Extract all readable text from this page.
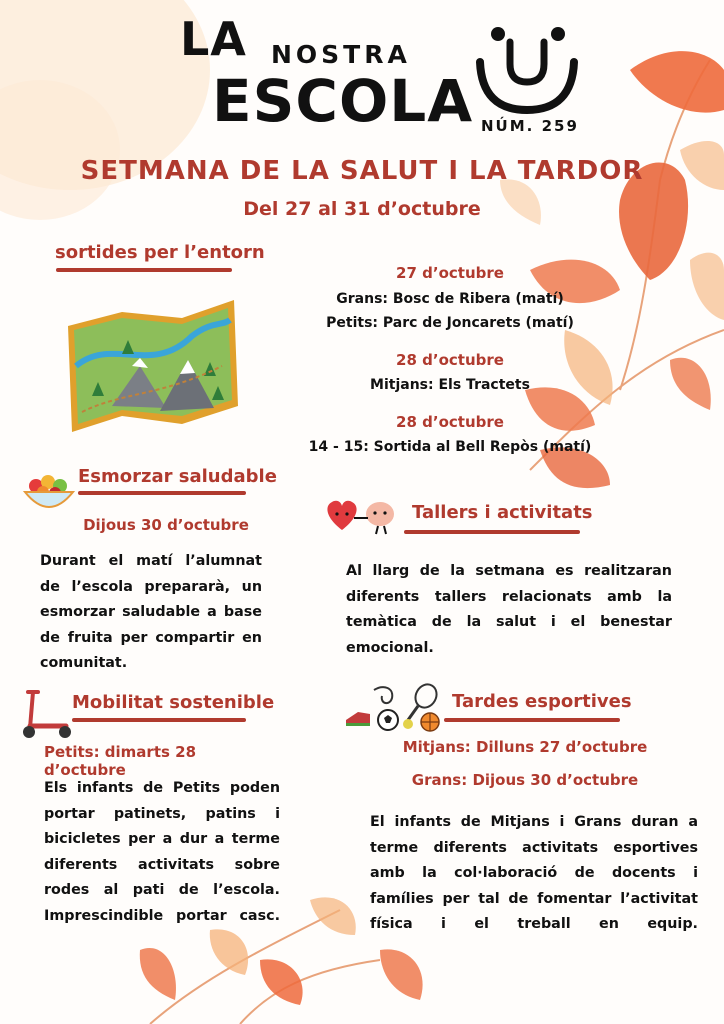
LA NOSTRA
ESCOLA NÚM. 259
SETMANA DE LA SALUT I LA TARDOR
Del 27 al 31 d’octubre
sortides per l’entorn
27 d’octubre
Grans: Bosc de Ribera (matí)
Petits: Parc de Joncarets (matí)
28 d’octubre
Mitjans: Els Tractets
28 d’octubre
14 - 15: Sortida al Bell Repòs (matí)
Esmorzar saludable
Dijous 30 d’octubre
Durant el matí l’alumnat de l’escola prepararà, un esmorzar saludable a base de fruita per compartir en comunitat.
Tallers i activitats
Al llarg de la setmana es realitzaran diferents tallers relacionats amb la temàtica de la salut i el benestar emocional.
Mobilitat sostenible
Petits: dimarts 28 d’octubre
Els infants de Petits poden portar patinets, patins i bicicletes per a dur a terme diferents activitats sobre rodes al pati de l’escola. Imprescindible portar casc.
Tardes esportives
Mitjans: Dilluns 27 d’octubre
Grans: Dijous 30 d’octubre
El infants de Mitjans i Grans duran a terme diferents activitats esportives amb la col·laboració de docents i famílies per tal de fomentar l’activitat física i el treball en equip.
